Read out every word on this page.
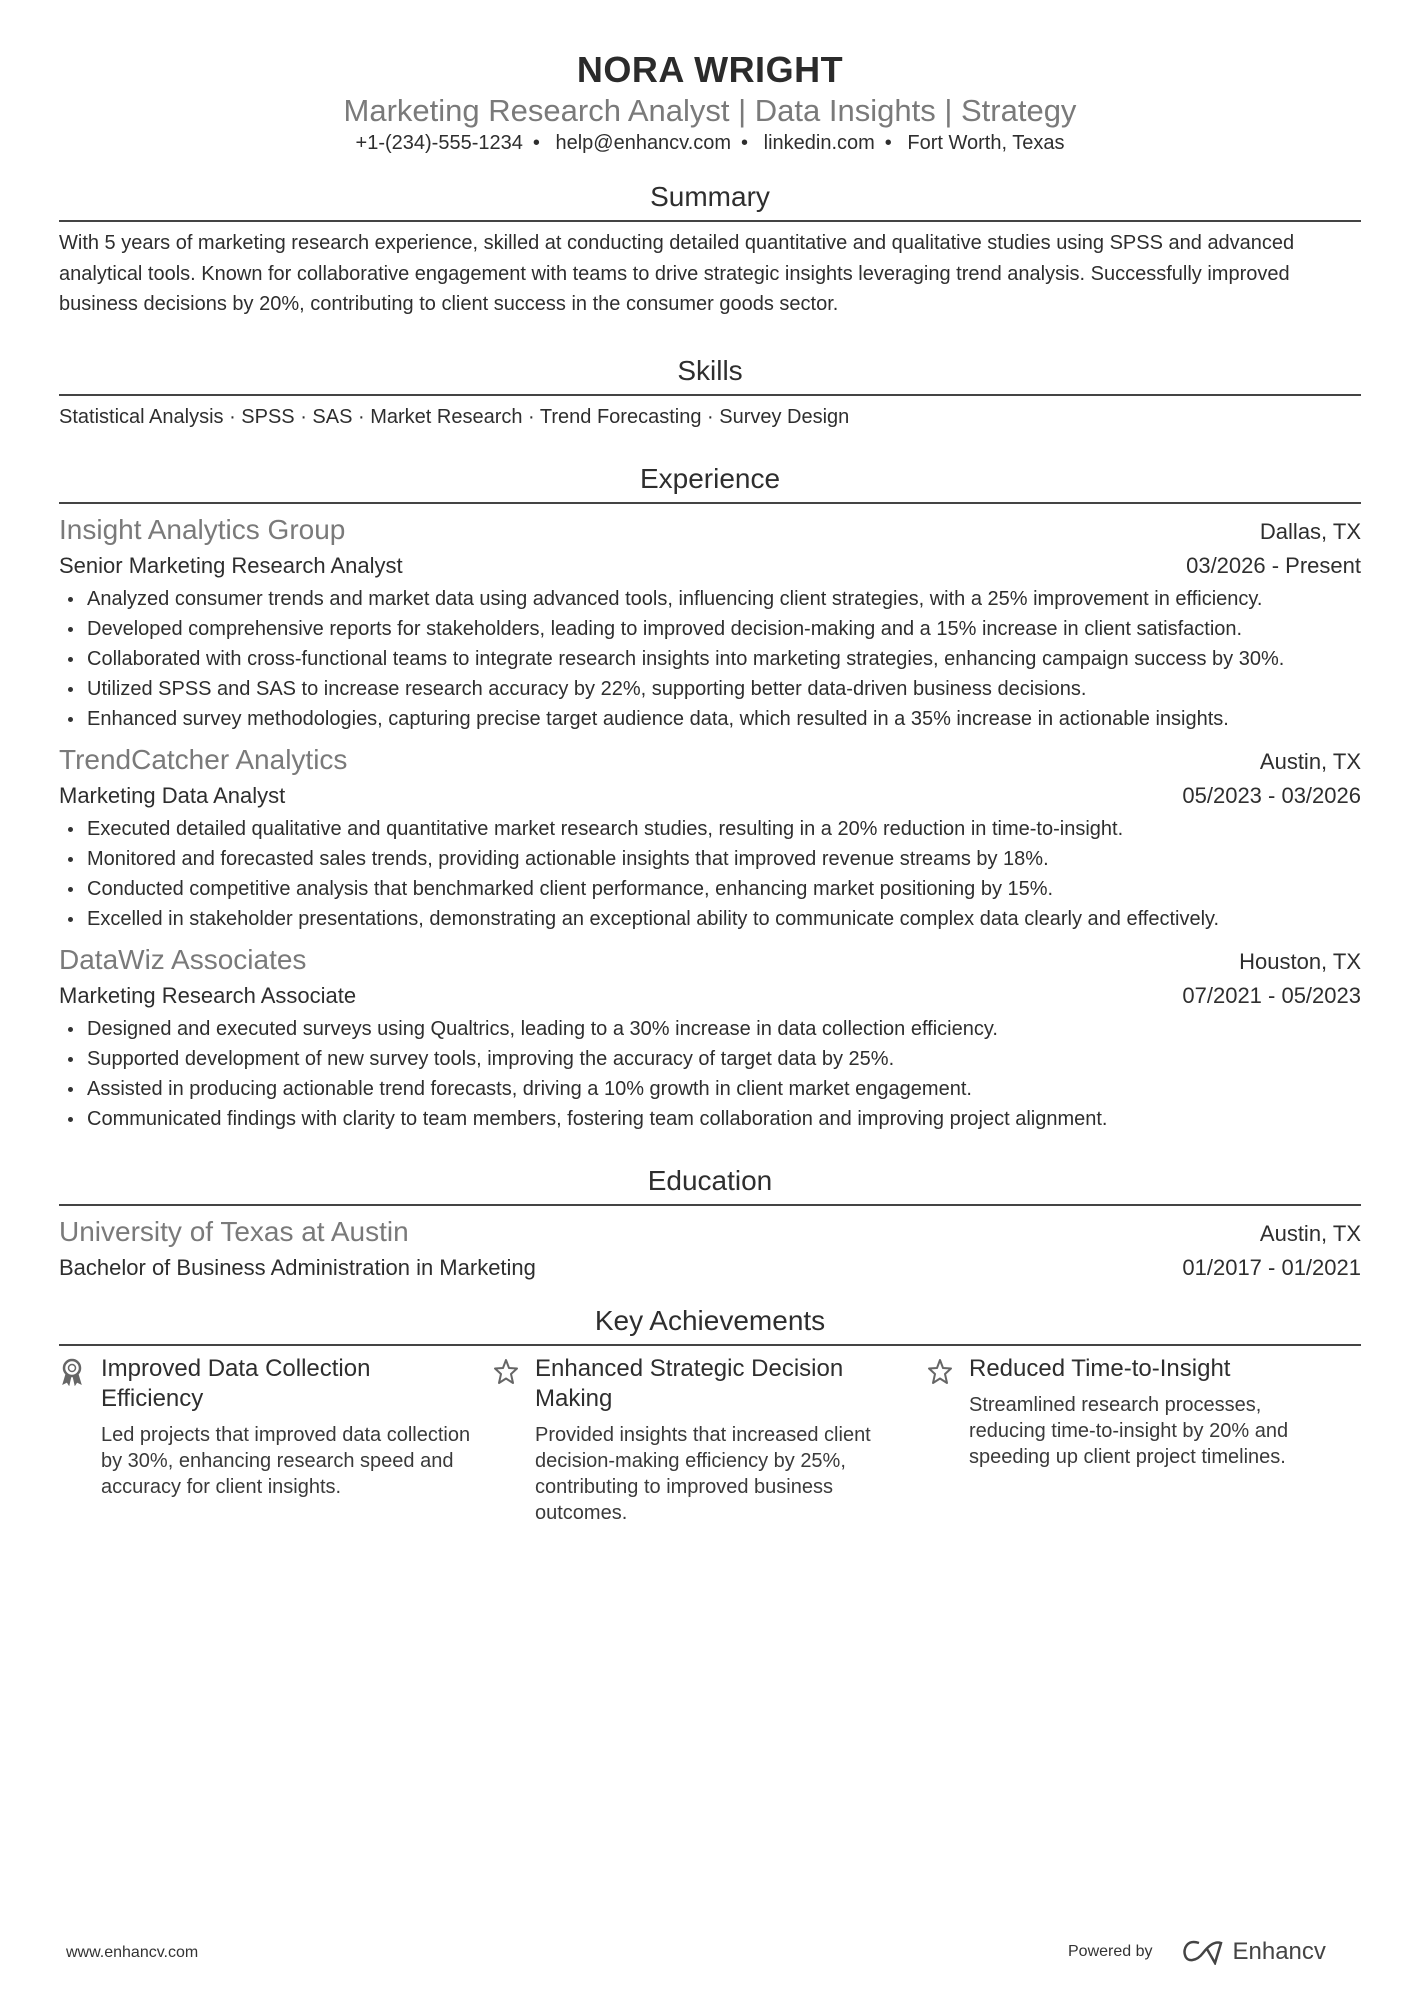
NORA WRIGHT
Marketing Research Analyst | Data Insights | Strategy
+1-(234)-555-1234 • help@enhancv.com • linkedin.com • Fort Worth, Texas
Summary
With 5 years of marketing research experience, skilled at conducting detailed quantitative and qualitative studies using SPSS and advanced analytical tools. Known for collaborative engagement with teams to drive strategic insights leveraging trend analysis. Successfully improved business decisions by 20%, contributing to client success in the consumer goods sector.
Skills
Statistical Analysis · SPSS · SAS · Market Research · Trend Forecasting · Survey Design
Experience
Insight Analytics Group	Dallas, TX
Senior Marketing Research Analyst	03/2026 - Present
Analyzed consumer trends and market data using advanced tools, influencing client strategies, with a 25% improvement in efficiency.
Developed comprehensive reports for stakeholders, leading to improved decision-making and a 15% increase in client satisfaction.
Collaborated with cross-functional teams to integrate research insights into marketing strategies, enhancing campaign success by 30%.
Utilized SPSS and SAS to increase research accuracy by 22%, supporting better data-driven business decisions.
Enhanced survey methodologies, capturing precise target audience data, which resulted in a 35% increase in actionable insights.
TrendCatcher Analytics	Austin, TX
Marketing Data Analyst	05/2023 - 03/2026
Executed detailed qualitative and quantitative market research studies, resulting in a 20% reduction in time-to-insight.
Monitored and forecasted sales trends, providing actionable insights that improved revenue streams by 18%.
Conducted competitive analysis that benchmarked client performance, enhancing market positioning by 15%.
Excelled in stakeholder presentations, demonstrating an exceptional ability to communicate complex data clearly and effectively.
DataWiz Associates	Houston, TX
Marketing Research Associate	07/2021 - 05/2023
Designed and executed surveys using Qualtrics, leading to a 30% increase in data collection efficiency.
Supported development of new survey tools, improving the accuracy of target data by 25%.
Assisted in producing actionable trend forecasts, driving a 10% growth in client market engagement.
Communicated findings with clarity to team members, fostering team collaboration and improving project alignment.
Education
University of Texas at Austin	Austin, TX
Bachelor of Business Administration in Marketing	01/2017 - 01/2021
Key Achievements
Improved Data Collection Efficiency
Led projects that improved data collection by 30%, enhancing research speed and accuracy for client insights.
Enhanced Strategic Decision Making
Provided insights that increased client decision-making efficiency by 25%, contributing to improved business outcomes.
Reduced Time-to-Insight
Streamlined research processes, reducing time-to-insight by 20% and speeding up client project timelines.
www.enhancv.com	Powered by	Enhancv
